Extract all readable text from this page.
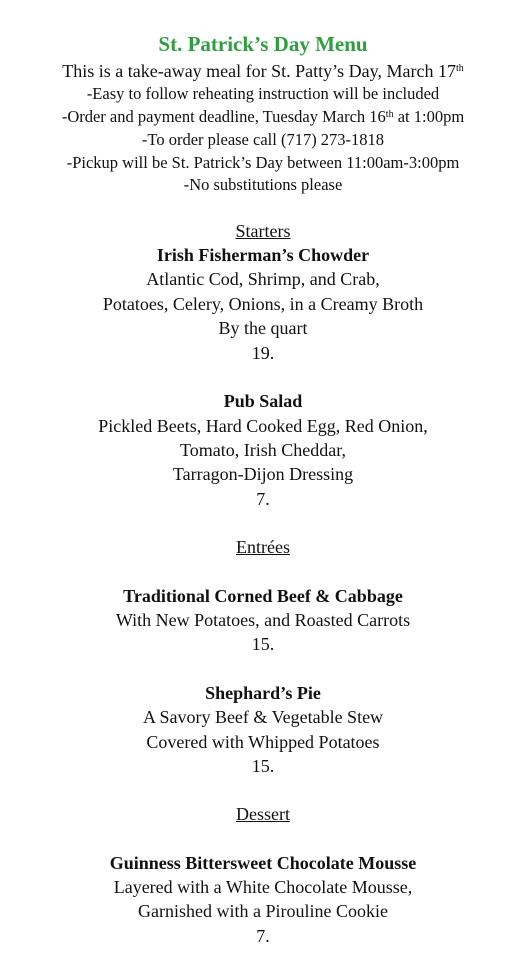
St. Patrick’s Day Menu
This is a take-away meal for St. Patty’s Day, March 17th
-Easy to follow reheating instruction will be included
-Order and payment deadline, Tuesday March 16th at 1:00pm
-To order please call (717) 273-1818
-Pickup will be St. Patrick’s Day between 11:00am-3:00pm
-No substitutions please
Starters
Irish Fisherman’s Chowder
Atlantic Cod, Shrimp, and Crab,
Potatoes, Celery, Onions, in a Creamy Broth
By the quart
19.
Pub Salad
Pickled Beets, Hard Cooked Egg, Red Onion,
Tomato, Irish Cheddar,
Tarragon-Dijon Dressing
7.
Entrées
Traditional Corned Beef & Cabbage
With New Potatoes, and Roasted Carrots
15.
Shephard’s Pie
A Savory Beef & Vegetable Stew
Covered with Whipped Potatoes
15.
Dessert
Guinness Bittersweet Chocolate Mousse
Layered with a White Chocolate Mousse,
Garnished with a Pirouline Cookie
7.
